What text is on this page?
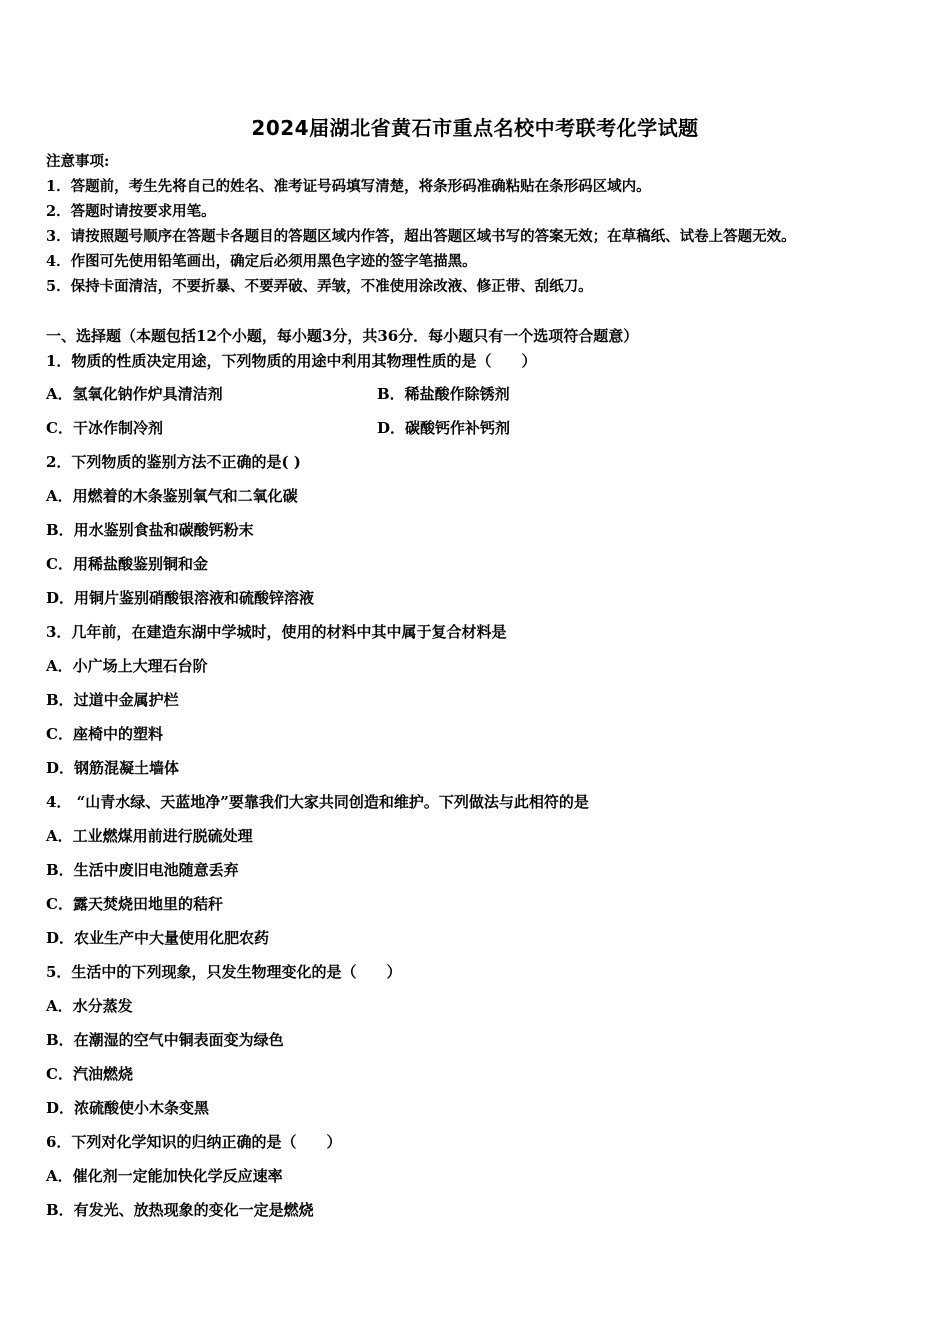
2024届湖北省黄石市重点名校中考联考化学试题
注意事项:
1．答题前，考生先将自己的姓名、准考证号码填写清楚，将条形码准确粘贴在条形码区域内。
2．答题时请按要求用笔。
3．请按照题号顺序在答题卡各题目的答题区域内作答，超出答题区域书写的答案无效；在草稿纸、试卷上答题无效。
4．作图可先使用铅笔画出，确定后必须用黑色字迹的签字笔描黑。
5．保持卡面清洁，不要折暴、不要弄破、弄皱，不准使用涂改液、修正带、刮纸刀。
一、选择题（本题包括12个小题，每小题3分，共36分．每小题只有一个选项符合题意）
1．物质的性质决定用途，下列物质的用途中利用其物理性质的是（　　）
A．氢氧化钠作炉具清洁剂	B．稀盐酸作除锈剂
C．干冰作制冷剂	D．碳酸钙作补钙剂
2．下列物质的鉴别方法不正确的是( )
A．用燃着的木条鉴别氧气和二氧化碳
B．用水鉴别食盐和碳酸钙粉末
C．用稀盐酸鉴别铜和金
D．用铜片鉴别硝酸银溶液和硫酸锌溶液
3．几年前，在建造东湖中学城时，使用的材料中其中属于复合材料是
A．小广场上大理石台阶
B．过道中金属护栏
C．座椅中的塑料
D．钢筋混凝土墙体
4． “山青水绿、天蓝地净”要靠我们大家共同创造和维护。下列做法与此相符的是
A．工业燃煤用前进行脱硫处理
B．生活中废旧电池随意丢弃
C．露天焚烧田地里的秸秆
D．农业生产中大量使用化肥农药
5．生活中的下列现象，只发生物理变化的是（　　）
A．水分蒸发
B．在潮湿的空气中铜表面变为绿色
C．汽油燃烧
D．浓硫酸使小木条变黑
6．下列对化学知识的归纳正确的是（　　）
A．催化剂一定能加快化学反应速率
B．有发光、放热现象的变化一定是燃烧
